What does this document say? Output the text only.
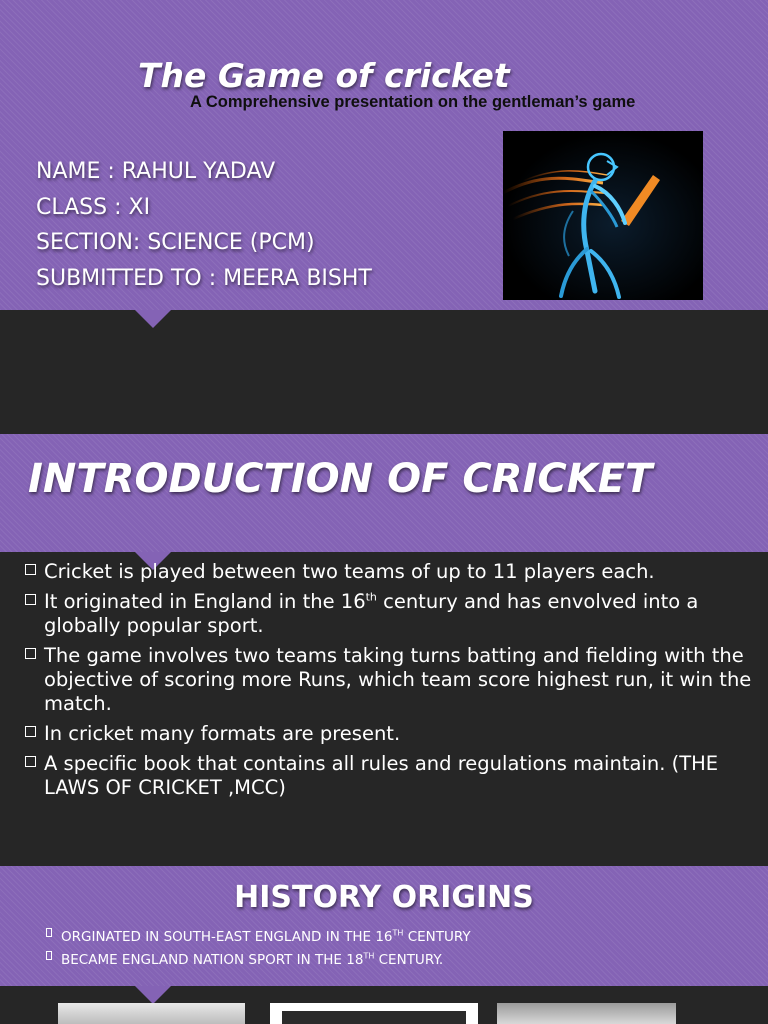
The Game of cricket
A Comprehensive presentation on the gentleman’s game
NAME : RAHUL YADAV
CLASS : XI
SECTION: SCIENCE (PCM)
SUBMITTED TO : MEERA BISHT
INTRODUCTION OF CRICKET
Cricket is played between two teams of up to 11 players each.
It originated in England in the 16th century and has envolved into a globally popular sport.
The game involves two teams taking turns batting and fielding with the objective of scoring more Runs, which team score highest run, it win the match.
In cricket many formats are present.
A specific book that contains all rules and regulations maintain. (THE LAWS OF CRICKET ,MCC)
HISTORY ORIGINS
ORGINATED IN SOUTH-EAST ENGLAND IN THE 16TH CENTURY
BECAME ENGLAND NATION SPORT IN THE 18TH CENTURY.
